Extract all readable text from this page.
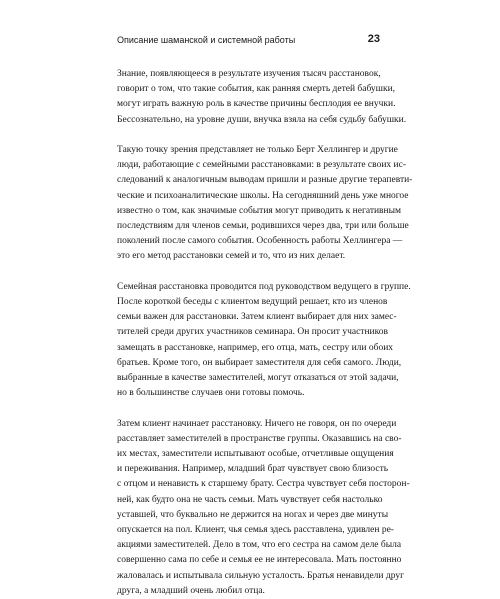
Описание шаманской и системной работы	23

Знание, появляющееся в результате изучения тысяч расстановок,
говорит о том, что такие события, как ранняя смерть детей бабушки,
могут играть важную роль в качестве причины бесплодия ее внучки.
Бессознательно, на уровне души, внучка взяла на себя судьбу бабушки.

Такую точку зрения представляет не только Берт Хеллингер и другие
люди, работающие с семейными расстановками: в результате своих ис-
следований к аналогичным выводам пришли и разные другие терапевти-
ческие и психоаналитические школы. На сегодняшний день уже многое
известно о том, как значимые события могут приводить к негативным
последствиям для членов семьи, родившихся через два, три или больше
поколений после самого события. Особенность работы Хеллингера —
это его метод расстановки семей и то, что из них делает.

Семейная расстановка проводится под руководством ведущего в группе.
После короткой беседы с клиентом ведущий решает, кто из членов
семьи важен для расстановки. Затем клиент выбирает для них замес-
тителей среди других участников семинара. Он просит участников
замещать в расстановке, например, его отца, мать, сестру или обоих
братьев. Кроме того, он выбирает заместителя для себя самого. Люди,
выбранные в качестве заместителей, могут отказаться от этой задачи,
но в большинстве случаев они готовы помочь.

Затем клиент начинает расстановку. Ничего не говоря, он по очереди
расставляет заместителей в пространстве группы. Оказавшись на сво-
их местах, заместители испытывают особые, отчетливые ощущения
и переживания. Например, младший брат чувствует свою близость
с отцом и ненависть к старшему брату. Сестра чувствует себя посторон-
ней, как будто она не часть семьи. Мать чувствует себя настолько
уставшей, что буквально не держится на ногах и через две минуты
опускается на пол. Клиент, чья семья здесь расставлена, удивлен ре-
акциями заместителей. Дело в том, что его сестра на самом деле была
совершенно сама по себе и семья ее не интересовала. Мать постоянно
жаловалась и испытывала сильную усталость. Братья ненавидели друг
друга, а младший очень любил отца.
